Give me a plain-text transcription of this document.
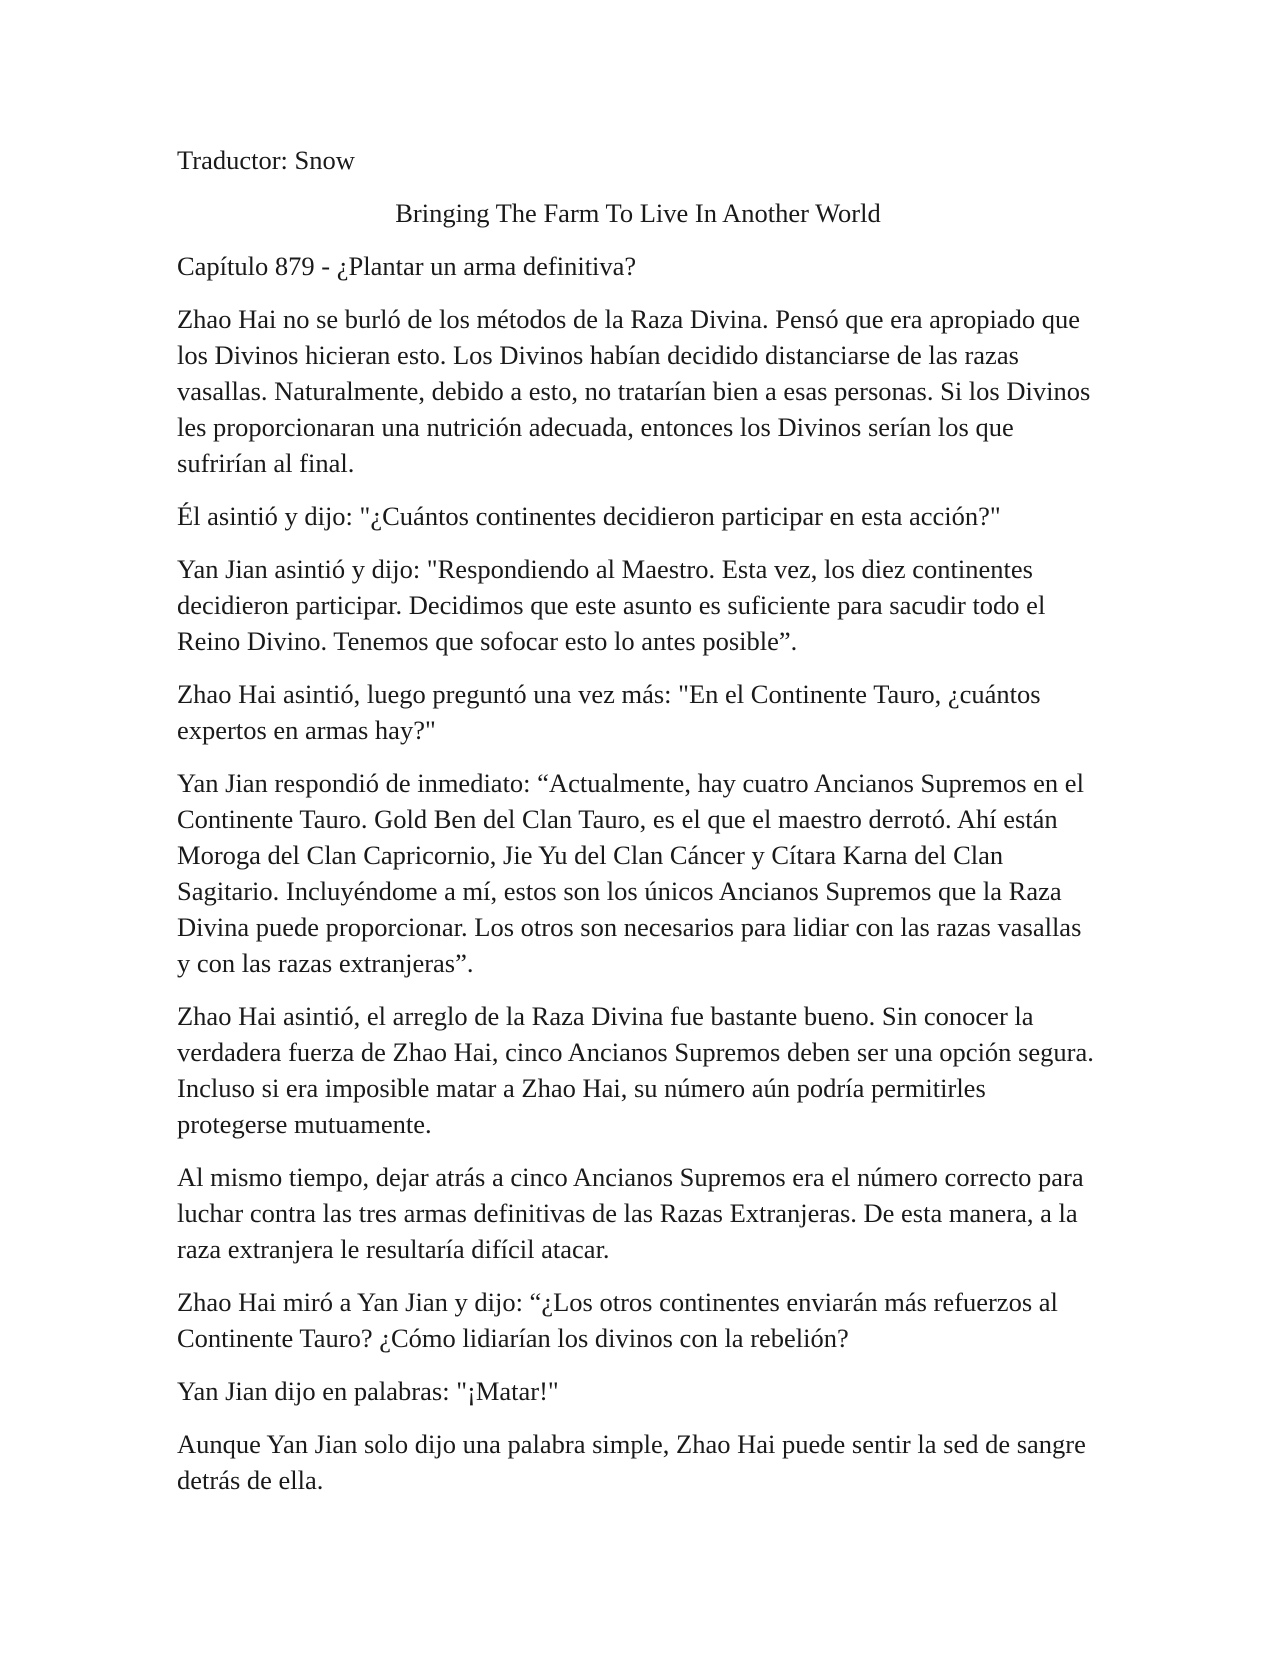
Traductor: Snow

Bringing The Farm To Live In Another World

Capítulo 879 - ¿Plantar un arma definitiva?

Zhao Hai no se burló de los métodos de la Raza Divina. Pensó que era apropiado que los Divinos hicieran esto. Los Divinos habían decidido distanciarse de las razas vasallas. Naturalmente, debido a esto, no tratarían bien a esas personas. Si los Divinos les proporcionaran una nutrición adecuada, entonces los Divinos serían los que sufrirían al final.

Él asintió y dijo: "¿Cuántos continentes decidieron participar en esta acción?"

Yan Jian asintió y dijo: "Respondiendo al Maestro. Esta vez, los diez continentes decidieron participar. Decidimos que este asunto es suficiente para sacudir todo el Reino Divino. Tenemos que sofocar esto lo antes posible”.

Zhao Hai asintió, luego preguntó una vez más: "En el Continente Tauro, ¿cuántos expertos en armas hay?"

Yan Jian respondió de inmediato: “Actualmente, hay cuatro Ancianos Supremos en el Continente Tauro. Gold Ben del Clan Tauro, es el que el maestro derrotó. Ahí están Moroga del Clan Capricornio, Jie Yu del Clan Cáncer y Cítara Karna del Clan Sagitario. Incluyéndome a mí, estos son los únicos Ancianos Supremos que la Raza Divina puede proporcionar. Los otros son necesarios para lidiar con las razas vasallas y con las razas extranjeras”.

Zhao Hai asintió, el arreglo de la Raza Divina fue bastante bueno. Sin conocer la verdadera fuerza de Zhao Hai, cinco Ancianos Supremos deben ser una opción segura. Incluso si era imposible matar a Zhao Hai, su número aún podría permitirles protegerse mutuamente.

Al mismo tiempo, dejar atrás a cinco Ancianos Supremos era el número correcto para luchar contra las tres armas definitivas de las Razas Extranjeras. De esta manera, a la raza extranjera le resultaría difícil atacar.

Zhao Hai miró a Yan Jian y dijo: “¿Los otros continentes enviarán más refuerzos al Continente Tauro? ¿Cómo lidiarían los divinos con la rebelión?

Yan Jian dijo en palabras: "¡Matar!"

Aunque Yan Jian solo dijo una palabra simple, Zhao Hai puede sentir la sed de sangre detrás de ella.
